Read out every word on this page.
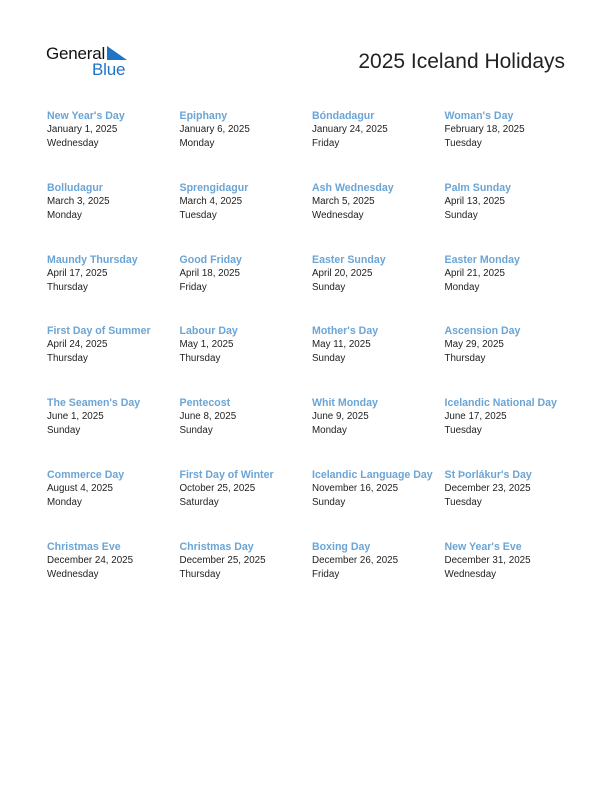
General
Blue	2025 Iceland Holidays
New Year's Day
January 1, 2025
Wednesday
Epiphany
January 6, 2025
Monday
Bóndadagur
January 24, 2025
Friday
Woman's Day
February 18, 2025
Tuesday
Bolludagur
March 3, 2025
Monday
Sprengidagur
March 4, 2025
Tuesday
Ash Wednesday
March 5, 2025
Wednesday
Palm Sunday
April 13, 2025
Sunday
Maundy Thursday
April 17, 2025
Thursday
Good Friday
April 18, 2025
Friday
Easter Sunday
April 20, 2025
Sunday
Easter Monday
April 21, 2025
Monday
First Day of Summer
April 24, 2025
Thursday
Labour Day
May 1, 2025
Thursday
Mother's Day
May 11, 2025
Sunday
Ascension Day
May 29, 2025
Thursday
The Seamen's Day
June 1, 2025
Sunday
Pentecost
June 8, 2025
Sunday
Whit Monday
June 9, 2025
Monday
Icelandic National Day
June 17, 2025
Tuesday
Commerce Day
August 4, 2025
Monday
First Day of Winter
October 25, 2025
Saturday
Icelandic Language Day
November 16, 2025
Sunday
St Þorlákur's Day
December 23, 2025
Tuesday
Christmas Eve
December 24, 2025
Wednesday
Christmas Day
December 25, 2025
Thursday
Boxing Day
December 26, 2025
Friday
New Year's Eve
December 31, 2025
Wednesday
